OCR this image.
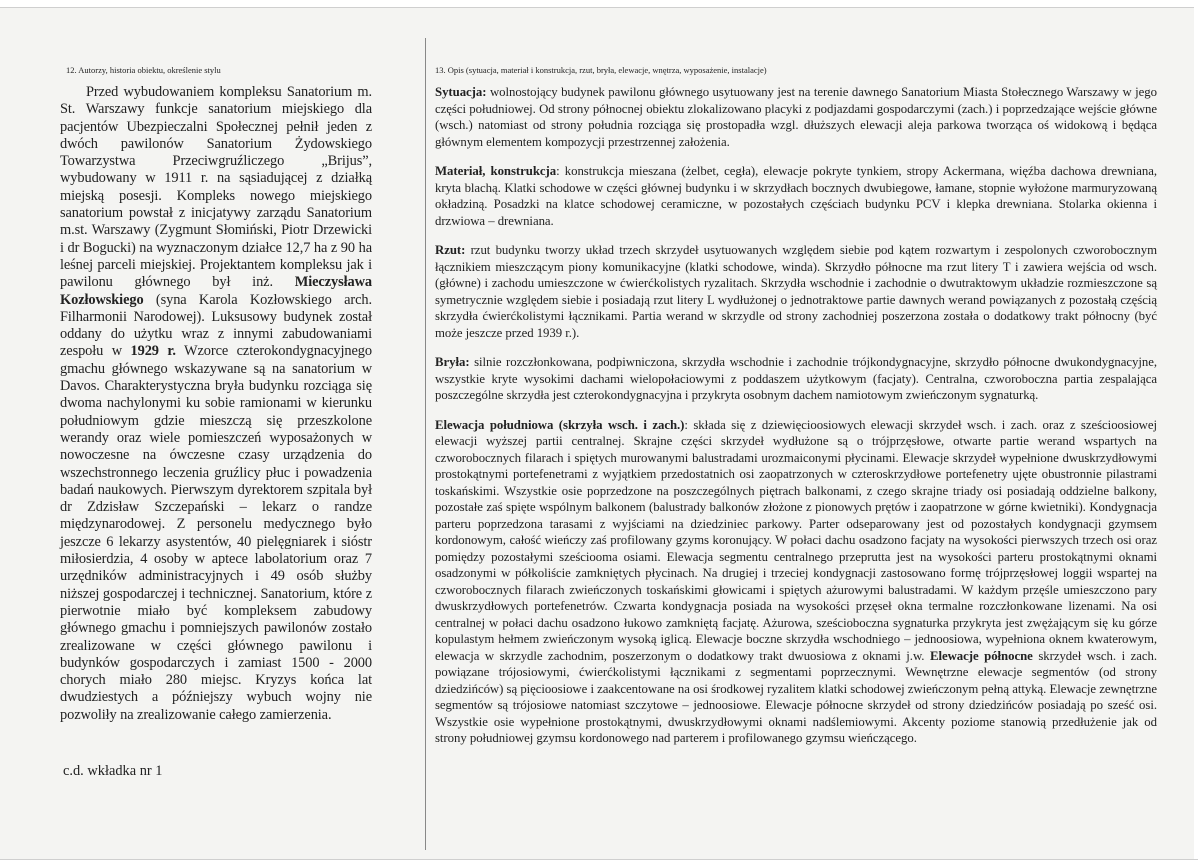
12. Autorzy, historia obiektu, określenie stylu

Przed wybudowaniem kompleksu Sanatorium m. St. Warszawy funkcje sanatorium miejskiego dla pacjentów Ubezpieczalni Społecznej pełnił jeden z dwóch pawilonów Sanatorium Żydowskiego Towarzystwa Przeciwgruźliczego „Brijus”, wybudowany w 1911 r. na sąsiadującej z działką miejską posesji. Kompleks nowego miejskiego sanatorium powstał z inicjatywy zarządu Sanatorium m.st. Warszawy (Zygmunt Słomiński, Piotr Drzewicki i dr Bogucki) na wyznaczonym działce 12,7 ha z 90 ha leśnej parceli miejskiej. Projektantem kompleksu jak i pawilonu głównego był inż. Mieczysława Kozłowskiego (syna Karola Kozłowskiego arch. Filharmonii Narodowej). Luksusowy budynek został oddany do użytku wraz z innymi zabudowaniami zespołu w 1929 r. Wzorce czterokondygnacyjnego gmachu głównego wskazywane są na sanatorium w Davos. Charakterystyczna bryła budynku rozciąga się dwoma nachylonymi ku sobie ramionami w kierunku południowym gdzie mieszczą się przeszkolone werandy oraz wiele pomieszczeń wyposażonych w nowoczesne na ówczesne czasy urządzenia do wszechstronnego leczenia gruźlicy płuc i powadzenia badań naukowych. Pierwszym dyrektorem szpitala był dr Zdzisław Szczepański – lekarz o randze międzynarodowej. Z personelu medycznego było jeszcze 6 lekarzy asystentów, 40 pielęgniarek i sióstr miłosierdzia, 4 osoby w aptece labolatorium oraz 7 urzędników administracyjnych i 49 osób służby niższej gospodarczej i technicznej. Sanatorium, które z pierwotnie miało być kompleksem zabudowy głównego gmachu i pomniejszych pawilonów zostało zrealizowane w części głównego pawilonu i budynków gospodarczych i zamiast 1500 - 2000 chorych miało 280 miejsc. Kryzys końca lat dwudziestych a późniejszy wybuch wojny nie pozwoliły na zrealizowanie całego zamierzenia.

c.d. wkładka nr 1
13. Opis (sytuacja, materiał i konstrukcja, rzut, bryła, elewacje, wnętrza, wyposażenie, instalacje)

Sytuacja: wolnostojący budynek pawilonu głównego usytuowany jest na terenie dawnego Sanatorium Miasta Stołecznego Warszawy w jego części południowej. Od strony północnej obiektu zlokalizowano placyki z podjazdami gospodarczymi (zach.) i poprzedzające wejście główne (wsch.) natomiast od strony południa rozciąga się prostopadła wzgl. dłuższych elewacji aleja parkowa tworząca oś widokową i będąca głównym elementem kompozycji przestrzennej założenia.

Materiał, konstrukcja: konstrukcja mieszana (żelbet, cegła), elewacje pokryte tynkiem, stropy Ackermana, więźba dachowa drewniana, kryta blachą. Klatki schodowe w części głównej budynku i w skrzydłach bocznych dwubiegowe, łamane, stopnie wyłożone marmuryzowaną okładziną. Posadzki na klatce schodowej ceramiczne, w pozostałych częściach budynku PCV i klepka drewniana. Stolarka okienna i drzwiowa – drewniana.

Rzut: rzut budynku tworzy układ trzech skrzydeł usytuowanych względem siebie pod kątem rozwartym i zespolonych czworobocznym łącznikiem mieszczącym piony komunikacyjne (klatki schodowe, winda). Skrzydło północne ma rzut litery T i zawiera wejścia od wsch.(główne) i zachodu umieszczone w ćwierćkolistych ryzalitach. Skrzydła wschodnie i zachodnie o dwutraktowym układzie rozmieszczone są symetrycznie względem siebie i posiadają rzut litery L wydłużonej o jednotraktowe partie dawnych werand powiązanych z pozostałą częścią skrzydła ćwierćkolistymi łącznikami. Partia werand w skrzydle od strony zachodniej poszerzona została o dodatkowy trakt północny (być może jeszcze przed 1939 r.).

Bryła: silnie rozczłonkowana, podpiwniczona, skrzydła wschodnie i zachodnie trójkondygnacyjne, skrzydło północne dwukondygnacyjne, wszystkie kryte wysokimi dachami wielopołaciowymi z poddaszem użytkowym (facjaty). Centralna, czworoboczna partia zespalająca poszczególne skrzydła jest czterokondygnacyjna i przykryta osobnym dachem namiotowym zwieńczonym sygnaturką.

Elewacja południowa (skrzyła wsch. i zach.): składa się z dziewięcioosiowych elewacji skrzydeł wsch. i zach. oraz z sześcioosiowej elewacji wyższej partii centralnej. Skrajne części skrzydeł wydłużone są o trójprzęsłowe, otwarte partie werand wspartych na czworobocznych filarach i spiętych murowanymi balustradami urozmaiconymi płycinami. Elewacje skrzydeł wypełnione dwuskrzydłowymi prostokątnymi portefenetrami z wyjątkiem przedostatnich osi zaopatrzonych w czteroskrzydłowe portefenetry ujęte obustronnie pilastrami toskańskimi. Wszystkie osie poprzedzone na poszczególnych piętrach balkonami, z czego skrajne triady osi posiadają oddzielne balkony, pozostałe zaś spięte wspólnym balkonem (balustrady balkonów złożone z pionowych prętów i zaopatrzone w górne kwietniki). Kondygnacja parteru poprzedzona tarasami z wyjściami na dziedziniec parkowy. Parter odseparowany jest od pozostałych kondygnacji gzymsem kordonowym, całość wieńczy zaś profilowany gzyms koronujący. W połaci dachu osadzono facjaty na wysokości pierwszych trzech osi oraz pomiędzy pozostałymi sześciooma osiami. Elewacja segmentu centralnego przeprutta jest na wysokości parteru prostokątnymi oknami osadzonymi w półkoliście zamkniętych płycinach. Na drugiej i trzeciej kondygnacji zastosowano formę trójprzęsłowej loggii wspartej na czworobocznych filarach zwieńczonych toskańskimi głowicami i spiętych ażurowymi balustradami. W każdym przęśle umieszczono pary dwuskrzydłowych portefenetrów. Czwarta kondygnacja posiada na wysokości przęseł okna termalne rozczłonkowane lizenami. Na osi centralnej w połaci dachu osadzono łukowo zamkniętą facjatę. Ażurowa, sześcioboczna sygnaturka przykryta jest zwężającym się ku górze kopulastym hełmem zwieńczonym wysoką iglicą. Elewacje boczne skrzydła wschodniego – jednoosiowa, wypełniona oknem kwaterowym, elewacja w skrzydle zachodnim, poszerzonym o dodatkowy trakt dwuosiowa z oknami j.w. Elewacje północne skrzydeł wsch. i zach. powiązane trójosiowymi, ćwierćkolistymi łącznikami z segmentami poprzecznymi. Wewnętrzne elewacje segmentów (od strony dziedzińców) są pięcioosiowe i zaakcentowane na osi środkowej ryzalitem klatki schodowej zwieńczonym pełną attyką. Elewacje zewnętrzne segmentów są trójosiowe natomiast szczytowe – jednoosiowe. Elewacje północne skrzydeł od strony dziedzińców posiadają po sześć osi. Wszystkie osie wypełnione prostokątnymi, dwuskrzydłowymi oknami nadślemiowymi. Akcenty poziome stanowią przedłużenie jak od strony południowej gzymsu kordonowego nad parterem i profilowanego gzymsu wieńczącego.
